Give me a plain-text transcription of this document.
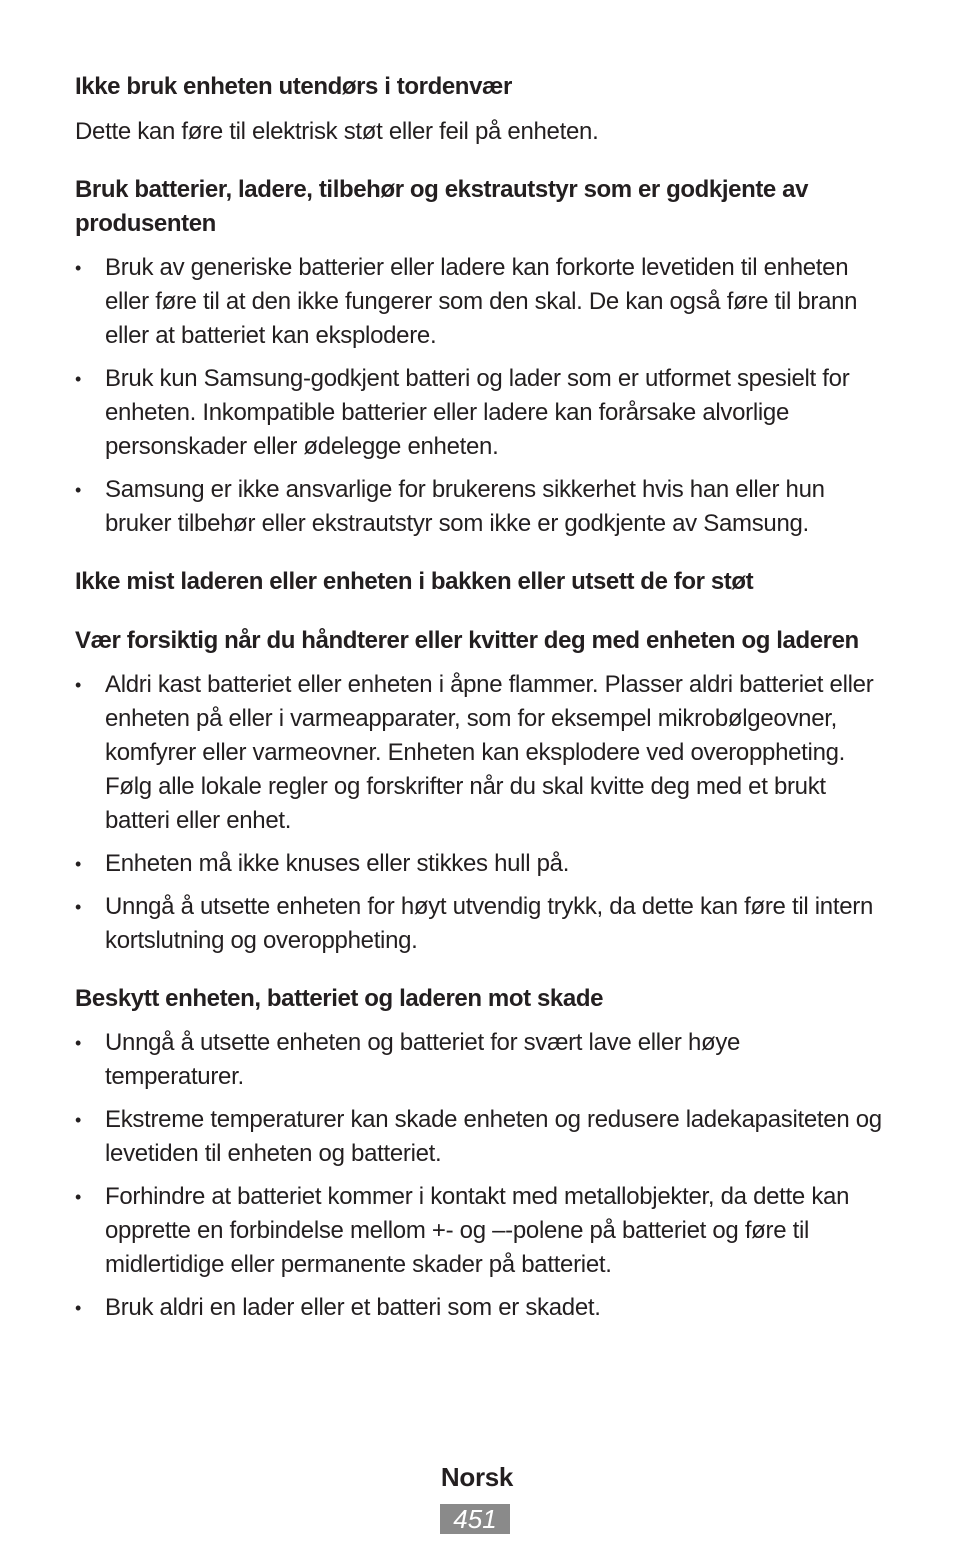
Ikke bruk enheten utendørs i tordenvær

Dette kan føre til elektrisk støt eller feil på enheten.

Bruk batterier, ladere, tilbehør og ekstrautstyr som er godkjente av produsenten

• Bruk av generiske batterier eller ladere kan forkorte levetiden til enheten eller føre til at den ikke fungerer som den skal. De kan også føre til brann eller at batteriet kan eksplodere.
• Bruk kun Samsung-godkjent batteri og lader som er utformet spesielt for enheten. Inkompatible batterier eller ladere kan forårsake alvorlige personskader eller ødelegge enheten.
• Samsung er ikke ansvarlige for brukerens sikkerhet hvis han eller hun bruker tilbehør eller ekstrautstyr som ikke er godkjente av Samsung.

Ikke mist laderen eller enheten i bakken eller utsett de for støt

Vær forsiktig når du håndterer eller kvitter deg med enheten og laderen

• Aldri kast batteriet eller enheten i åpne flammer. Plasser aldri batteriet eller enheten på eller i varmeapparater, som for eksempel mikrobølgeovner, komfyrer eller varmeovner. Enheten kan eksplodere ved overoppheting. Følg alle lokale regler og forskrifter når du skal kvitte deg med et brukt batteri eller enhet.
• Enheten må ikke knuses eller stikkes hull på.
• Unngå å utsette enheten for høyt utvendig trykk, da dette kan føre til intern kortslutning og overoppheting.

Beskytt enheten, batteriet og laderen mot skade

• Unngå å utsette enheten og batteriet for svært lave eller høye temperaturer.
• Ekstreme temperaturer kan skade enheten og redusere ladekapasiteten og levetiden til enheten og batteriet.
• Forhindre at batteriet kommer i kontakt med metallobjekter, da dette kan opprette en forbindelse mellom +- og –-polene på batteriet og føre til midlertidige eller permanente skader på batteriet.
• Bruk aldri en lader eller et batteri som er skadet.
Norsk
451
